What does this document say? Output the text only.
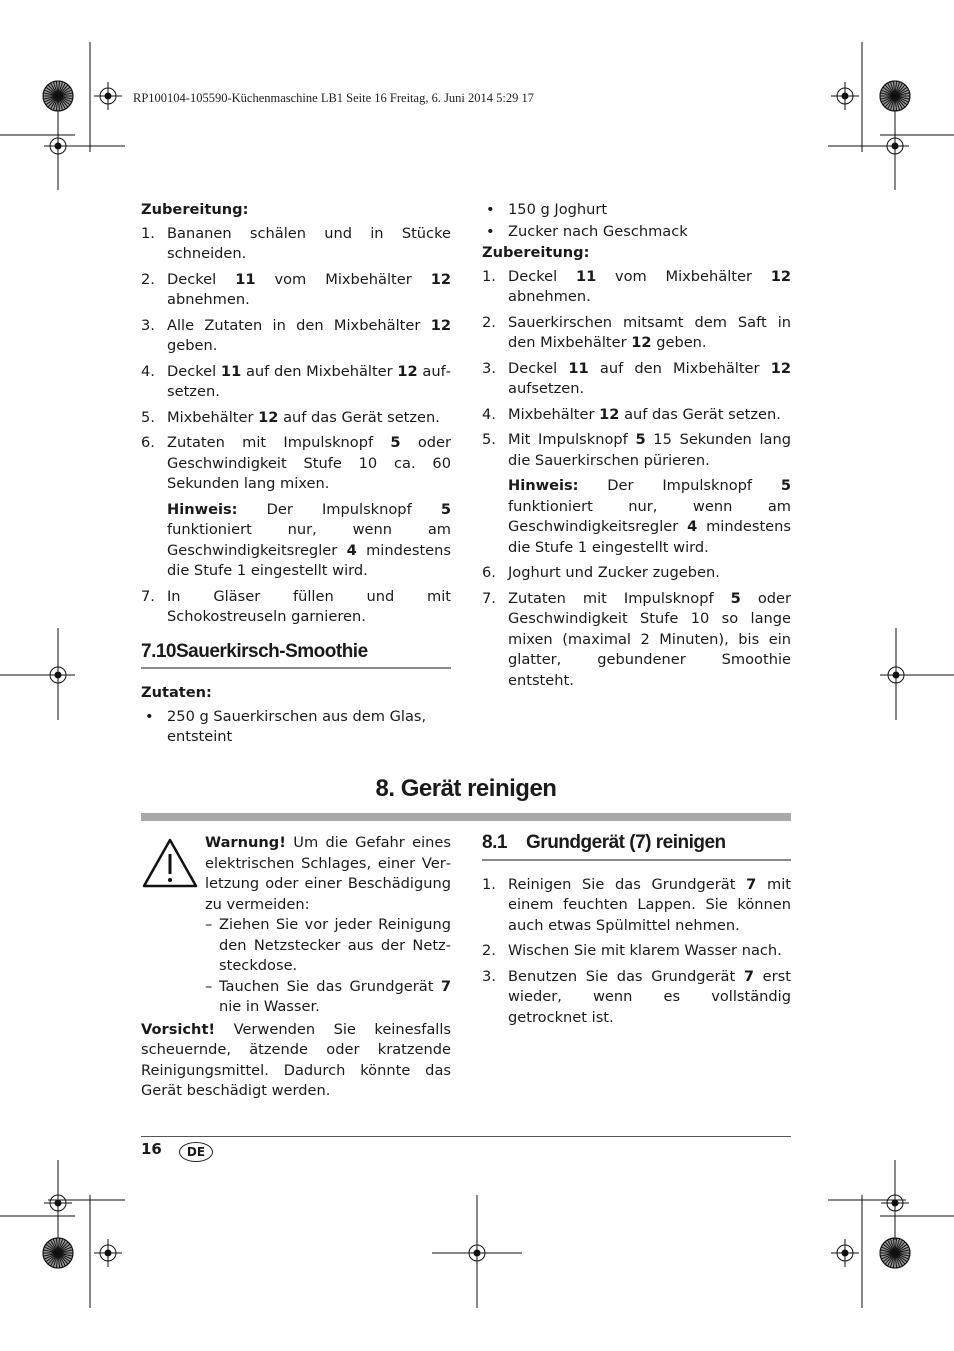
RP100104-105590-Küchenmaschine LB1 Seite 16 Freitag, 6. Juni 2014 5:29 17
Zubereitung:
1. Bananen schälen und in Stücke schneiden.
2. Deckel 11 vom Mixbehälter 12 abnehmen.
3. Alle Zutaten in den Mixbehälter 12 geben.
4. Deckel 11 auf den Mixbehälter 12 aufsetzen.
5. Mixbehälter 12 auf das Gerät setzen.
6. Zutaten mit Impulsknopf 5 oder Geschwindigkeit Stufe 10 ca. 60 Sekunden lang mixen.
Hinweis: Der Impulsknopf 5 funktioniert nur, wenn am Geschwindigkeitsregler 4 mindestens die Stufe 1 eingestellt wird.
7. In Gläser füllen und mit Schokostreuseln garnieren.
7.10Sauerkirsch-Smoothie
Zutaten:
• 250 g Sauerkirschen aus dem Glas, entsteint
• 150 g Joghurt
• Zucker nach Geschmack
Zubereitung:
1. Deckel 11 vom Mixbehälter 12 abnehmen.
2. Sauerkirschen mitsamt dem Saft in den Mixbehälter 12 geben.
3. Deckel 11 auf den Mixbehälter 12 aufsetzen.
4. Mixbehälter 12 auf das Gerät setzen.
5. Mit Impulsknopf 5 15 Sekunden lang die Sauerkirschen pürieren.
Hinweis: Der Impulsknopf 5 funktioniert nur, wenn am Geschwindigkeitsregler 4 mindestens die Stufe 1 eingestellt wird.
6. Joghurt und Zucker zugeben.
7. Zutaten mit Impulsknopf 5 oder Geschwindigkeit Stufe 10 so lange mixen (maximal 2 Minuten), bis ein glatter, gebundener Smoothie entsteht.
8. Gerät reinigen
Warnung! Um die Gefahr eines elektrischen Schlages, einer Verletzung oder einer Beschädigung zu vermeiden:
– Ziehen Sie vor jeder Reinigung den Netzstecker aus der Netzsteckdose.
– Tauchen Sie das Grundgerät 7 nie in Wasser.
Vorsicht! Verwenden Sie keinesfalls scheuernde, ätzende oder kratzende Reinigungsmittel. Dadurch könnte das Gerät beschädigt werden.
8.1    Grundgerät (7) reinigen
1. Reinigen Sie das Grundgerät 7 mit einem feuchten Lappen. Sie können auch etwas Spülmittel nehmen.
2. Wischen Sie mit klarem Wasser nach.
3. Benutzen Sie das Grundgerät 7 erst wieder, wenn es vollständig getrocknet ist.
16	DE
